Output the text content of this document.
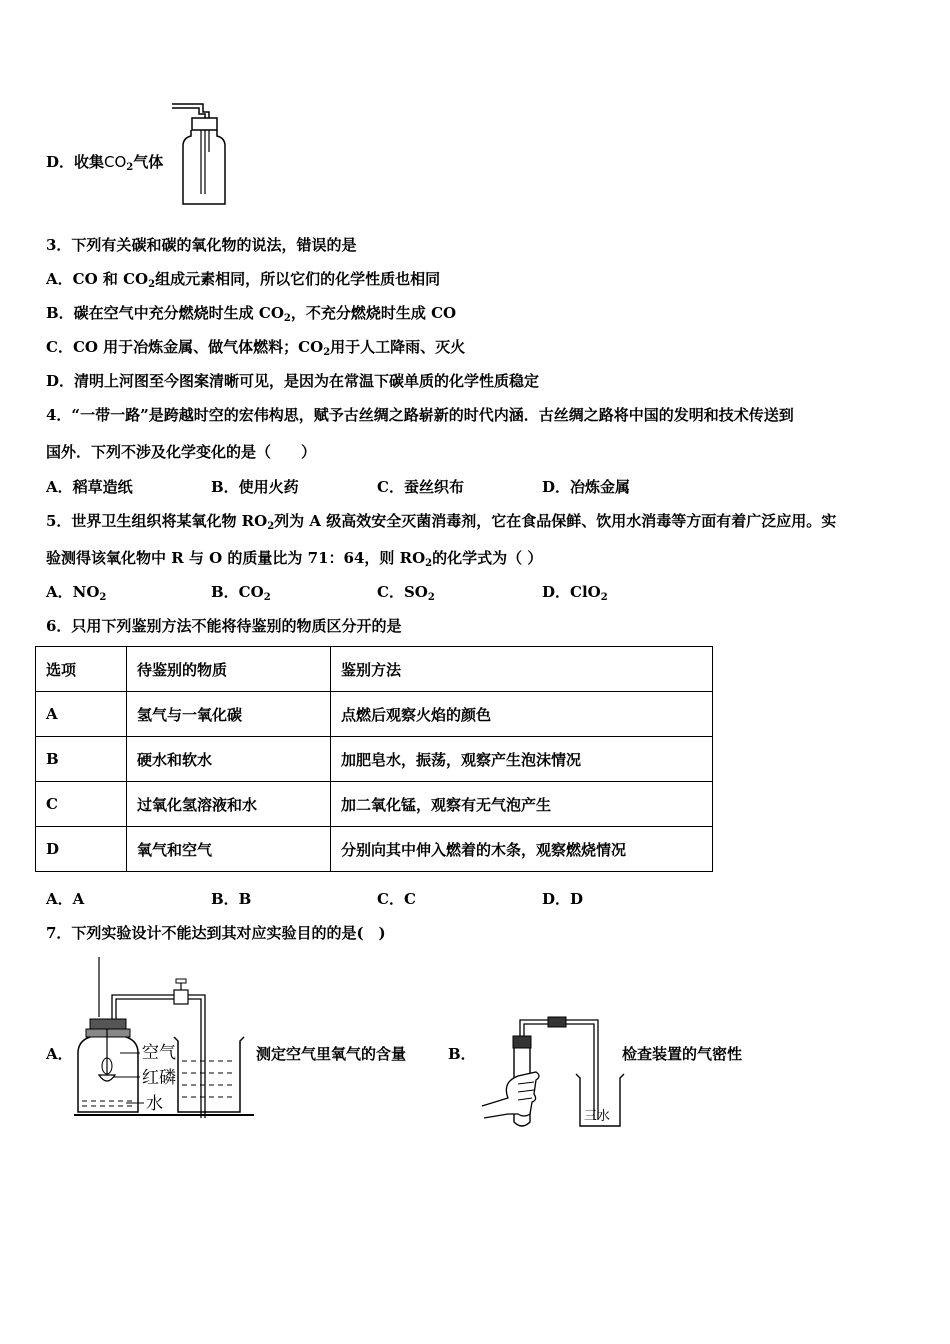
D．收集$CO_2$气体
3．下列有关碳和碳的氧化物的说法，错误的是
A．CO 和 $CO_2$组成元素相同，所以它们的化学性质也相同
B．碳在空气中充分燃烧时生成 $CO_2$，不充分燃烧时生成 CO
C．CO 用于冶炼金属、做气体燃料；$CO_2$用于人工降雨、灭火
D．清明上河图至今图案清晰可见，是因为在常温下碳单质的化学性质稳定
4．“一带一路”是跨越时空的宏伟构思，赋予古丝绸之路崭新的时代内涵．古丝绸之路将中国的发明和技术传送到
国外．下列不涉及化学变化的是（　　）
A．稻草造纸	B．使用火药	C．蚕丝织布	D．冶炼金属
5．世界卫生组织将某氧化物 $RO_2$列为 A 级高效安全灭菌消毒剂，它在食品保鲜、饮用水消毒等方面有着广泛应用。实
验测得该氧化物中 R 与 O 的质量比为 71：64，则 $RO_2$的化学式为（ ）
A．$NO_2$	B．$CO_2$	C．$SO_2$	D．ClO$_2$
6．只用下列鉴别方法不能将待鉴别的物质区分开的是
选项	待鉴别的物质	鉴别方法
A	氢气与一氧化碳	点燃后观察火焰的颜色
B	硬水和软水	加肥皂水，振荡，观察产生泡沫情况
C	过氧化氢溶液和水	加二氧化锰，观察有无气泡产生
D	氧气和空气	分别向其中伸入燃着的木条，观察燃烧情况
A．A	B．B	C．C	D．D
7．下列实验设计不能达到其对应实验目的的是(　)
A．	空气
红磷
水
测定空气里氧气的含量	B．
三水
检查装置的气密性
